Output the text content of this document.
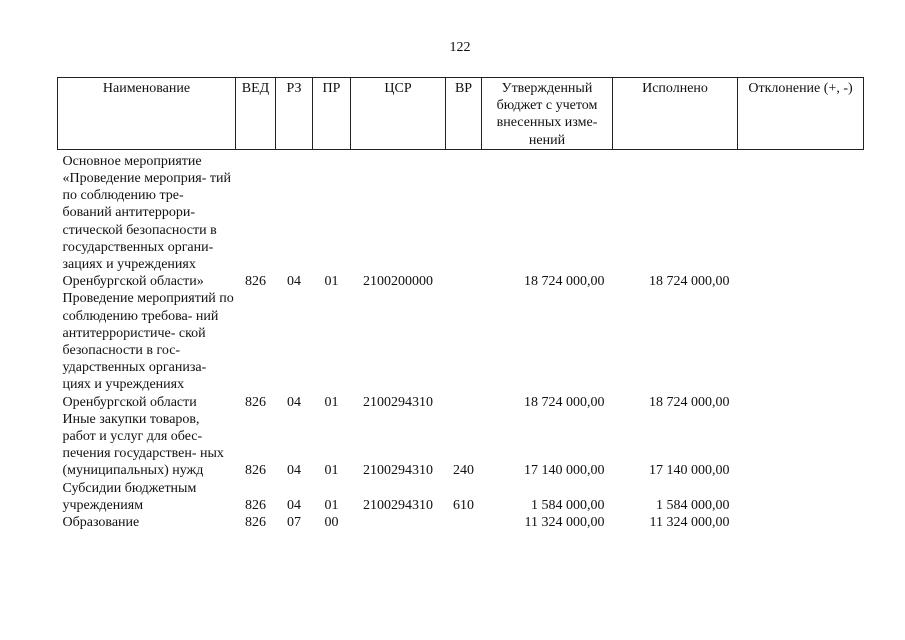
122
Наименование	ВЕД	РЗ	ПР	ЦСР	ВР	Утвержденный бюджет с учетом внесенных изме- нений	Исполнено	Отклонение (+, -)
Основное мероприятие «Проведение мероприя- тий по соблюдению тре- бований антитеррори- стической безопасности в государственных органи- зациях и учреждениях Оренбургской области»	826	04	01	2100200000		18 724 000,00	18 724 000,00	
Проведение мероприятий по соблюдению требова- ний антитеррористиче- ской безопасности в гос- ударственных организа- циях и учреждениях Оренбургской области	826	04	01	2100294310		18 724 000,00	18 724 000,00	
Иные закупки товаров, работ и услуг для обес- печения государствен- ных (муниципальных) нужд	826	04	01	2100294310	240	17 140 000,00	17 140 000,00	
Субсидии бюджетным учреждениям	826	04	01	2100294310	610	1 584 000,00	1 584 000,00	
Образование	826	07	00			11 324 000,00	11 324 000,00	
